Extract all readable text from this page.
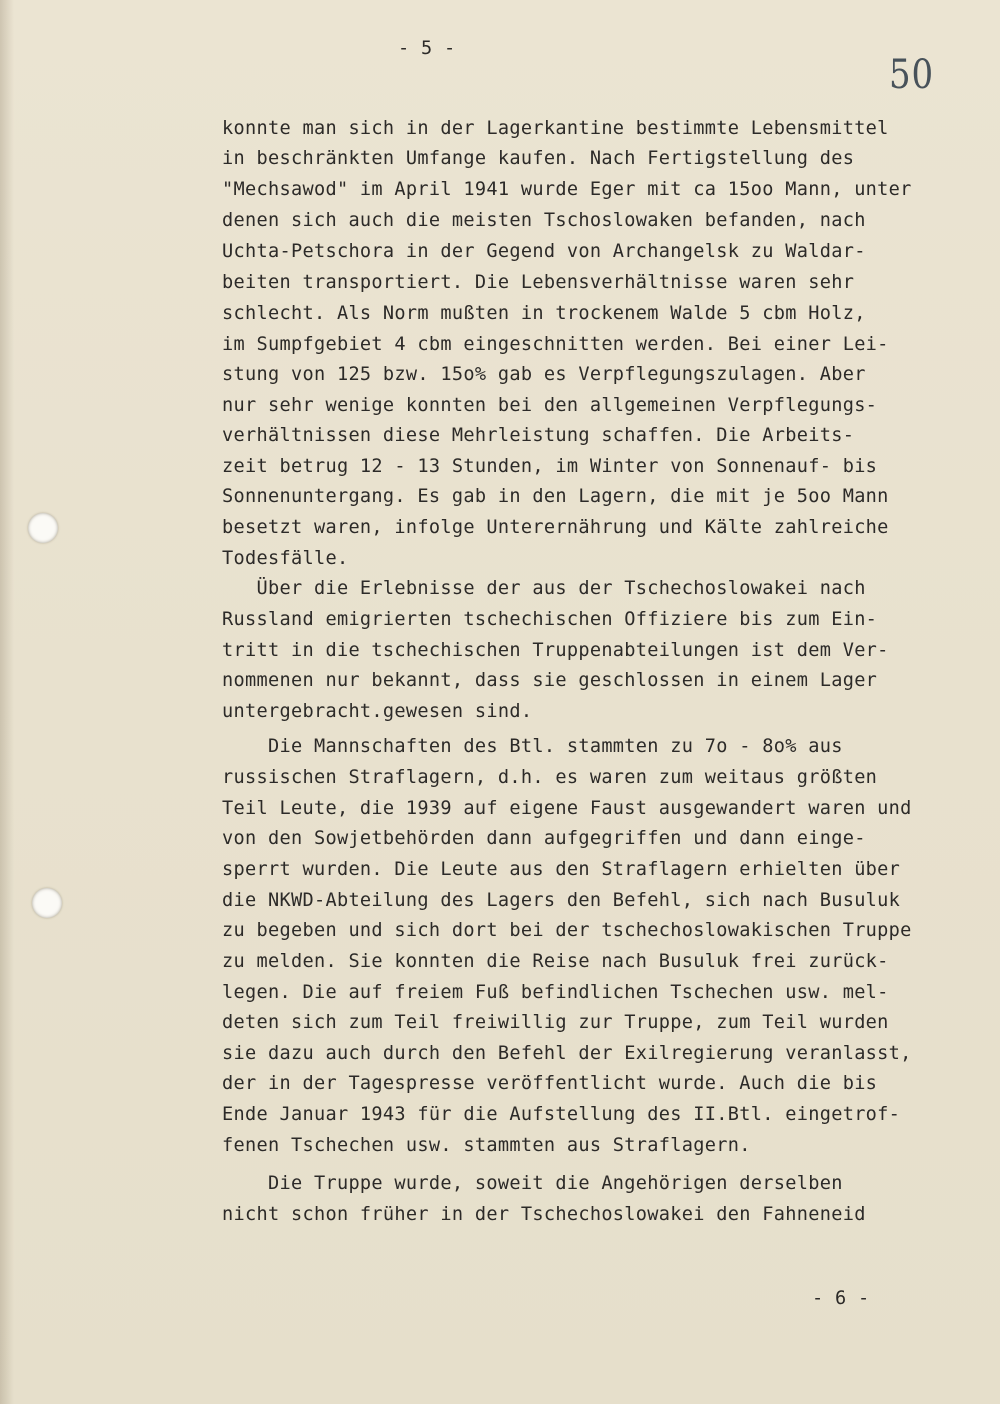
- 5 -
50
konnte man sich in der Lagerkantine bestimmte Lebensmittel
in beschränkten Umfange kaufen. Nach Fertigstellung des
"Mechsawod" im April 1941 wurde Eger mit ca 15oo Mann, unter
denen sich auch die meisten Tschoslowaken befanden, nach
Uchta-Petschora in der Gegend von Archangelsk zu Waldar-
beiten transportiert. Die Lebensverhältnisse waren sehr
schlecht. Als Norm mußten in trockenem Walde 5 cbm Holz,
im Sumpfgebiet 4 cbm eingeschnitten werden. Bei einer Lei-
stung von 125 bzw. 15o% gab es Verpflegungszulagen. Aber
nur sehr wenige konnten bei den allgemeinen Verpflegungs-
verhältnissen diese Mehrleistung schaffen. Die Arbeits-
zeit betrug 12 - 13 Stunden, im Winter von Sonnenauf- bis
Sonnenuntergang. Es gab in den Lagern, die mit je 5oo Mann
besetzt waren, infolge Unterernährung und Kälte zahlreiche
Todesfälle.
Über die Erlebnisse der aus der Tschechoslowakei nach
Russland emigrierten tschechischen Offiziere bis zum Ein-
tritt in die tschechischen Truppenabteilungen ist dem Ver-
nommenen nur bekannt, dass sie geschlossen in einem Lager
untergebracht.gewesen sind.
Die Mannschaften des Btl. stammten zu 7o - 8o% aus
russischen Straflagern, d.h. es waren zum weitaus größten
Teil Leute, die 1939 auf eigene Faust ausgewandert waren und
von den Sowjetbehörden dann aufgegriffen und dann einge-
sperrt wurden. Die Leute aus den Straflagern erhielten über
die NKWD-Abteilung des Lagers den Befehl, sich nach Busuluk
zu begeben und sich dort bei der tschechoslowakischen Truppe
zu melden. Sie konnten die Reise nach Busuluk frei zurück-
legen. Die auf freiem Fuß befindlichen Tschechen usw. mel-
deten sich zum Teil freiwillig zur Truppe, zum Teil wurden
sie dazu auch durch den Befehl der Exilregierung veranlasst,
der in der Tagespresse veröffentlicht wurde. Auch die bis
Ende Januar 1943 für die Aufstellung des II.Btl. eingetrof-
fenen Tschechen usw. stammten aus Straflagern.
Die Truppe wurde, soweit die Angehörigen derselben
nicht schon früher in der Tschechoslowakei den Fahneneid
- 6 -
